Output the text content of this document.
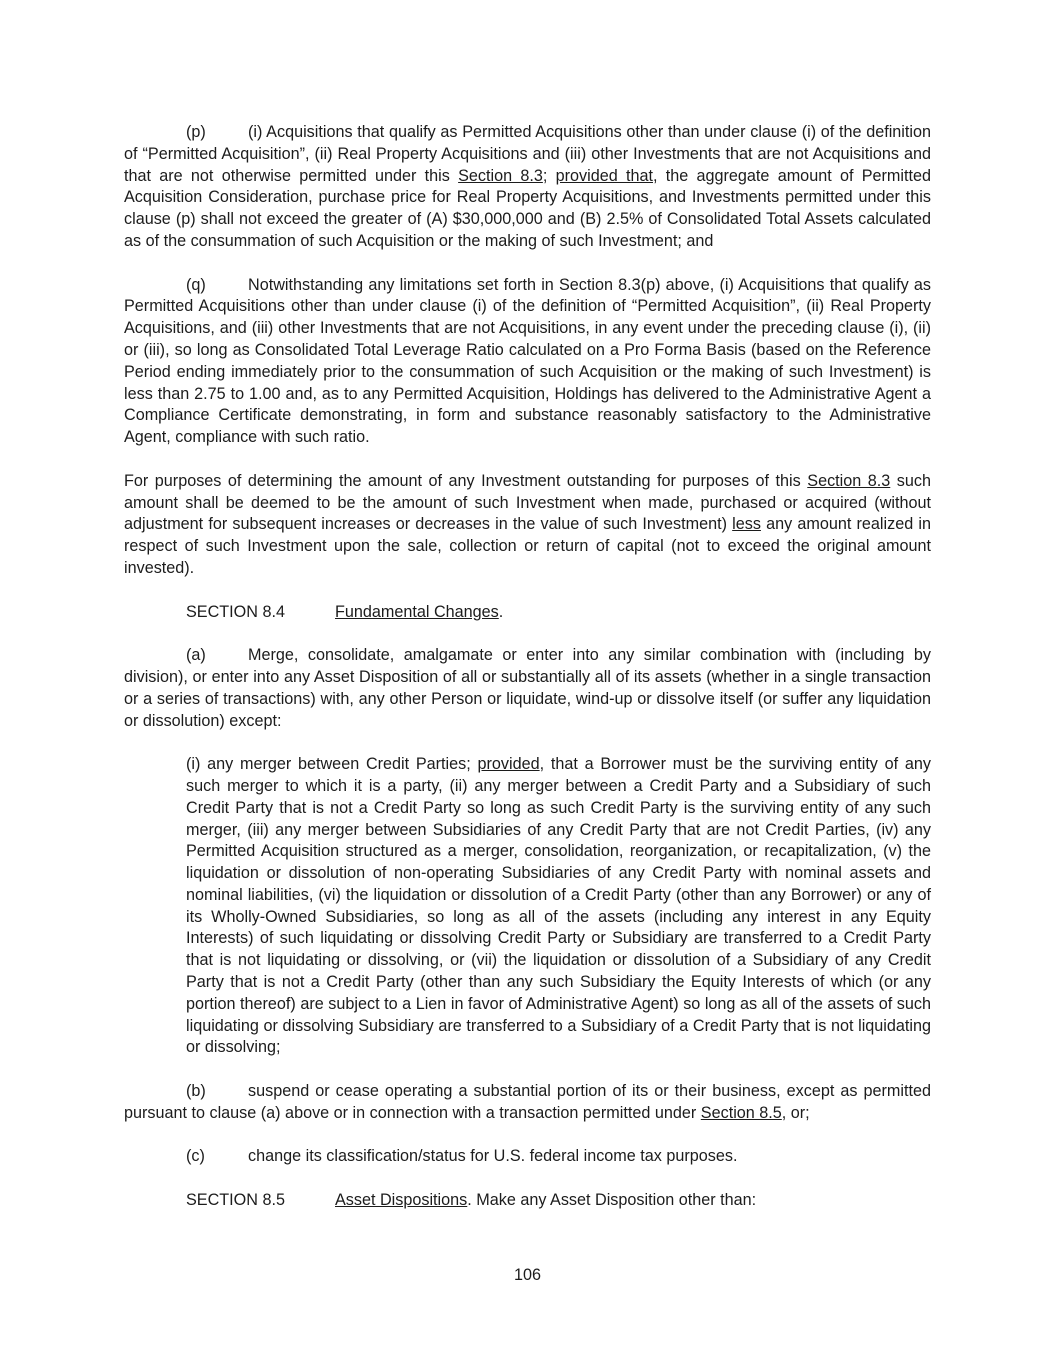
(p)	(i) Acquisitions that qualify as Permitted Acquisitions other than under clause (i) of the definition of “Permitted Acquisition”, (ii) Real Property Acquisitions and (iii) other Investments that are not Acquisitions and that are not otherwise permitted under this Section 8.3; provided that, the aggregate amount of Permitted Acquisition Consideration, purchase price for Real Property Acquisitions, and Investments permitted under this clause (p) shall not exceed the greater of (A) $30,000,000 and (B) 2.5% of Consolidated Total Assets calculated as of the consummation of such Acquisition or the making of such Investment; and

(q)	Notwithstanding any limitations set forth in Section 8.3(p) above, (i) Acquisitions that qualify as Permitted Acquisitions other than under clause (i) of the definition of “Permitted Acquisition”, (ii) Real Property Acquisitions, and (iii) other Investments that are not Acquisitions, in any event under the preceding clause (i), (ii) or (iii), so long as Consolidated Total Leverage Ratio calculated on a Pro Forma Basis (based on the Reference Period ending immediately prior to the consummation of such Acquisition or the making of such Investment) is less than 2.75 to 1.00 and, as to any Permitted Acquisition, Holdings has delivered to the Administrative Agent a Compliance Certificate demonstrating, in form and substance reasonably satisfactory to the Administrative Agent, compliance with such ratio.

For purposes of determining the amount of any Investment outstanding for purposes of this Section 8.3 such amount shall be deemed to be the amount of such Investment when made, purchased or acquired (without adjustment for subsequent increases or decreases in the value of such Investment) less any amount realized in respect of such Investment upon the sale, collection or return of capital (not to exceed the original amount invested).

SECTION 8.4	Fundamental Changes.

(a)	Merge, consolidate, amalgamate or enter into any similar combination with (including by division), or enter into any Asset Disposition of all or substantially all of its assets (whether in a single transaction or a series of transactions) with, any other Person or liquidate, wind-up or dissolve itself (or suffer any liquidation or dissolution) except:

(i) any merger between Credit Parties; provided, that a Borrower must be the surviving entity of any such merger to which it is a party, (ii) any merger between a Credit Party and a Subsidiary of such Credit Party that is not a Credit Party so long as such Credit Party is the surviving entity of any such merger, (iii) any merger between Subsidiaries of any Credit Party that are not Credit Parties, (iv) any Permitted Acquisition structured as a merger, consolidation, reorganization, or recapitalization, (v) the liquidation or dissolution of non-operating Subsidiaries of any Credit Party with nominal assets and nominal liabilities, (vi) the liquidation or dissolution of a Credit Party (other than any Borrower) or any of its Wholly-Owned Subsidiaries, so long as all of the assets (including any interest in any Equity Interests) of such liquidating or dissolving Credit Party or Subsidiary are transferred to a Credit Party that is not liquidating or dissolving, or (vii) the liquidation or dissolution of a Subsidiary of any Credit Party that is not a Credit Party (other than any such Subsidiary the Equity Interests of which (or any portion thereof) are subject to a Lien in favor of Administrative Agent) so long as all of the assets of such liquidating or dissolving Subsidiary are transferred to a Subsidiary of a Credit Party that is not liquidating or dissolving;

(b)	suspend or cease operating a substantial portion of its or their business, except as permitted pursuant to clause (a) above or in connection with a transaction permitted under Section 8.5, or;

(c)	change its classification/status for U.S. federal income tax purposes.

SECTION 8.5	Asset Dispositions. Make any Asset Disposition other than:

106
